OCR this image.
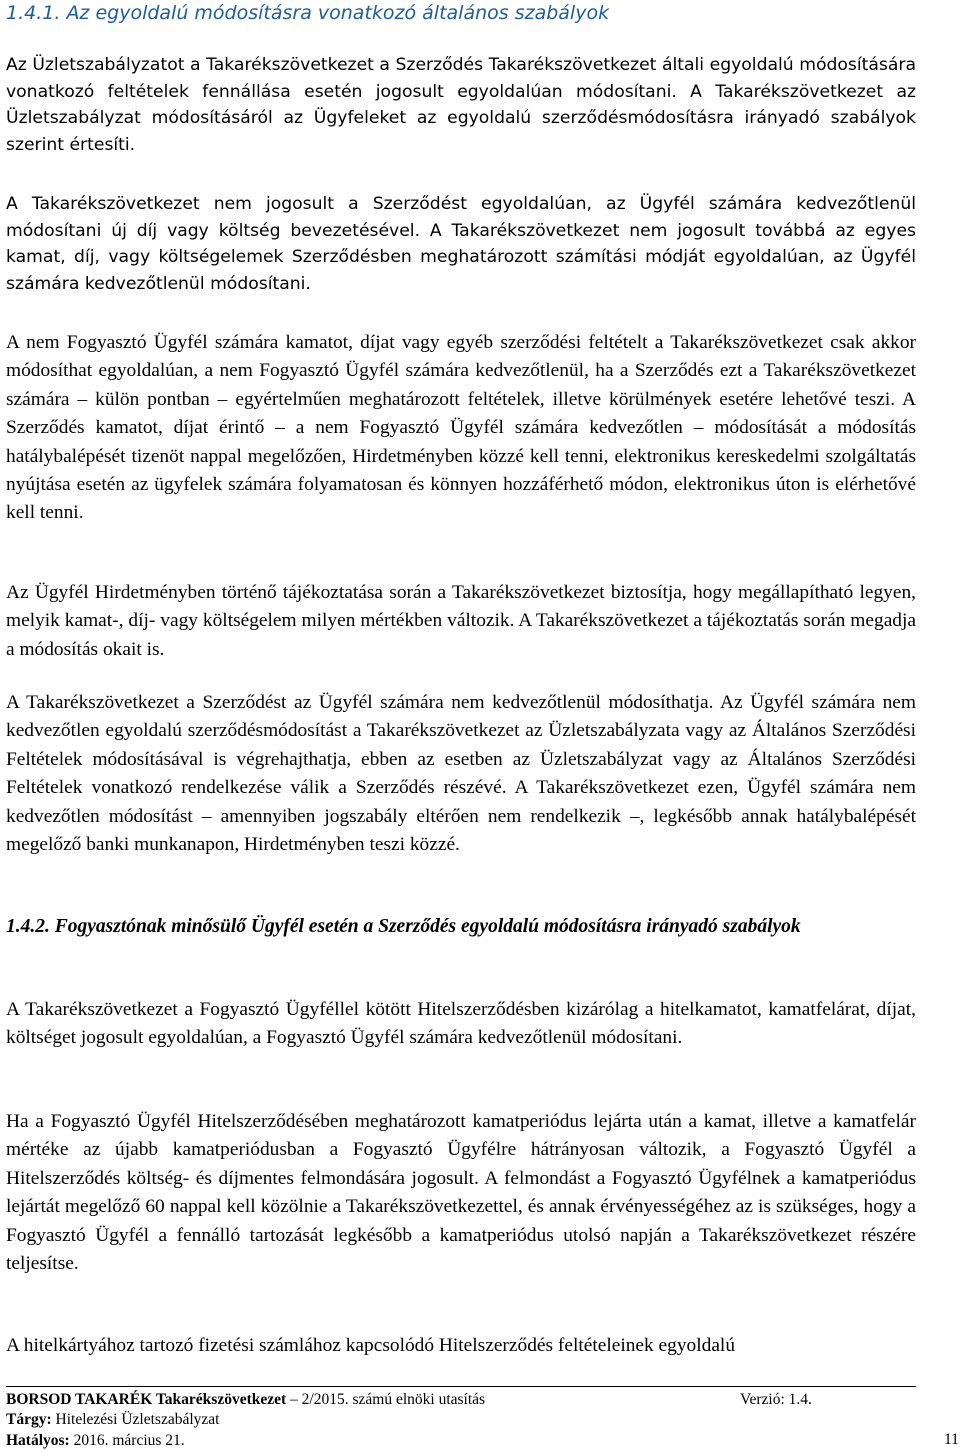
1.4.1. Az egyoldalú módosításra vonatkozó általános szabályok

Az Üzletszabályzatot a Takarékszövetkezet a Szerződés Takarékszövetkezet általi egyoldalú módosítására vonatkozó feltételek fennállása esetén jogosult egyoldalúan módosítani. A Takarékszövetkezet az Üzletszabályzat módosításáról az Ügyfeleket az egyoldalú szerződésmódosításra irányadó szabályok szerint értesíti.

A Takarékszövetkezet nem jogosult a Szerződést egyoldalúan, az Ügyfél számára kedvezőtlenül módosítani új díj vagy költség bevezetésével. A Takarékszövetkezet nem jogosult továbbá az egyes kamat, díj, vagy költségelemek Szerződésben meghatározott számítási módját egyoldalúan, az Ügyfél számára kedvezőtlenül módosítani.

A nem Fogyasztó Ügyfél számára kamatot, díjat vagy egyéb szerződési feltételt a Takarékszövetkezet csak akkor módosíthat egyoldalúan, a nem Fogyasztó Ügyfél számára kedvezőtlenül, ha a Szerződés ezt a Takarékszövetkezet számára – külön pontban – egyértelműen meghatározott feltételek, illetve körülmények esetére lehetővé teszi. A Szerződés kamatot, díjat érintő – a nem Fogyasztó Ügyfél számára kedvezőtlen – módosítását a módosítás hatálybalépését tizenöt nappal megelőzően, Hirdetményben közzé kell tenni, elektronikus kereskedelmi szolgáltatás nyújtása esetén az ügyfelek számára folyamatosan és könnyen hozzáférhető módon, elektronikus úton is elérhetővé kell tenni.

Az Ügyfél Hirdetményben történő tájékoztatása során a Takarékszövetkezet biztosítja, hogy megállapítható legyen, melyik kamat-, díj- vagy költségelem milyen mértékben változik. A Takarékszövetkezet a tájékoztatás során megadja a módosítás okait is.

A Takarékszövetkezet a Szerződést az Ügyfél számára nem kedvezőtlenül módosíthatja. Az Ügyfél számára nem kedvezőtlen egyoldalú szerződésmódosítást a Takarékszövetkezet az Üzletszabályzata vagy az Általános Szerződési Feltételek módosításával is végrehajthatja, ebben az esetben az Üzletszabályzat vagy az Általános Szerződési Feltételek vonatkozó rendelkezése válik a Szerződés részévé. A Takarékszövetkezet ezen, Ügyfél számára nem kedvezőtlen módosítást – amennyiben jogszabály eltérően nem rendelkezik –, legkésőbb annak hatálybalépését megelőző banki munkanapon, Hirdetményben teszi közzé.

1.4.2. Fogyasztónak minősülő Ügyfél esetén a Szerződés egyoldalú módosításra irányadó szabályok

A Takarékszövetkezet a Fogyasztó Ügyféllel kötött Hitelszerződésben kizárólag a hitelkamatot, kamatfelárat, díjat, költséget jogosult egyoldalúan, a Fogyasztó Ügyfél számára kedvezőtlenül módosítani.

Ha a Fogyasztó Ügyfél Hitelszerződésében meghatározott kamatperiódus lejárta után a kamat, illetve a kamatfelár mértéke az újabb kamatperiódusban a Fogyasztó Ügyfélre hátrányosan változik, a Fogyasztó Ügyfél a Hitelszerződés költség- és díjmentes felmondására jogosult. A felmondást a Fogyasztó Ügyfélnek a kamatperiódus lejártát megelőző 60 nappal kell közölnie a Takarékszövetkezettel, és annak érvényességéhez az is szükséges, hogy a Fogyasztó Ügyfél a fennálló tartozását legkésőbb a kamatperiódus utolsó napján a Takarékszövetkezet részére teljesítse.

A hitelkártyához tartozó fizetési számlához kapcsolódó Hitelszerződés feltételeinek egyoldalú

BORSOD TAKARÉK Takarékszövetkezet – 2/2015. számú elnöki utasítás	Verzió: 1.4.
Tárgy: Hitelezési Üzletszabályzat
Hatályos: 2016. március 21.	11
